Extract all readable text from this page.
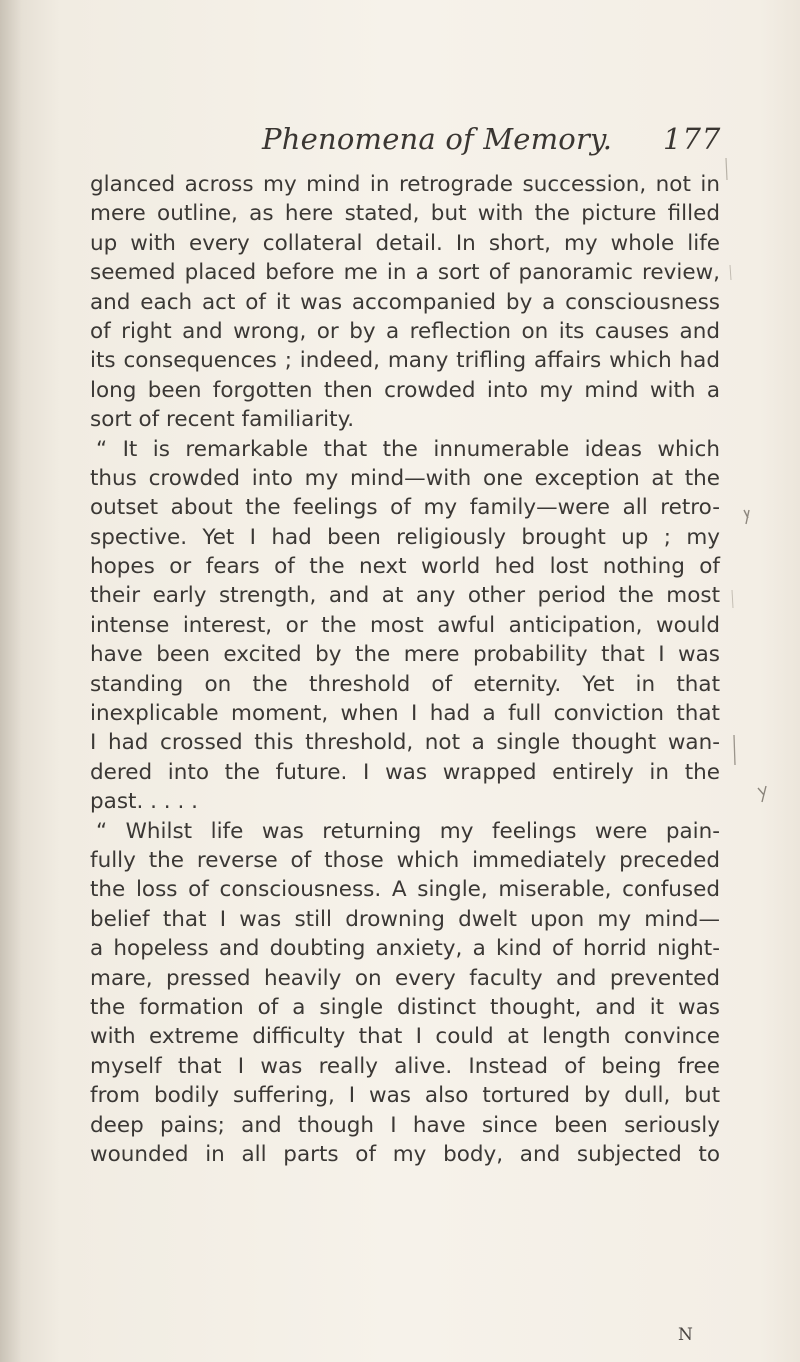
Phenomena of Memory. 177
glanced across my mind in retrograde succession, not in
mere outline, as here stated, but with the picture filled
up with every collateral detail. In short, my whole life
seemed placed before me in a sort of panoramic review,
and each act of it was accompanied by a consciousness
of right and wrong, or by a reflection on its causes and
its consequences ; indeed, many trifling affairs which had
long been forgotten then crowded into my mind with a
sort of recent familiarity.
“ It is remarkable that the innumerable ideas which
thus crowded into my mind—with one exception at the
outset about the feelings of my family—were all retro-
spective. Yet I had been religiously brought up ; my
hopes or fears of the next world hed lost nothing of
their early strength, and at any other period the most
intense interest, or the most awful anticipation, would
have been excited by the mere probability that I was
standing on the threshold of eternity. Yet in that
inexplicable moment, when I had a full conviction that
I had crossed this threshold, not a single thought wan-
dered into the future. I was wrapped entirely in the
past. . . . .
“ Whilst life was returning my feelings were pain-
fully the reverse of those which immediately preceded
the loss of consciousness. A single, miserable, confused
belief that I was still drowning dwelt upon my mind—
a hopeless and doubting anxiety, a kind of horrid night-
mare, pressed heavily on every faculty and prevented
the formation of a single distinct thought, and it was
with extreme difficulty that I could at length convince
myself that I was really alive. Instead of being free
from bodily suffering, I was also tortured by dull, but
deep pains; and though I have since been seriously
wounded in all parts of my body, and subjected to
N
